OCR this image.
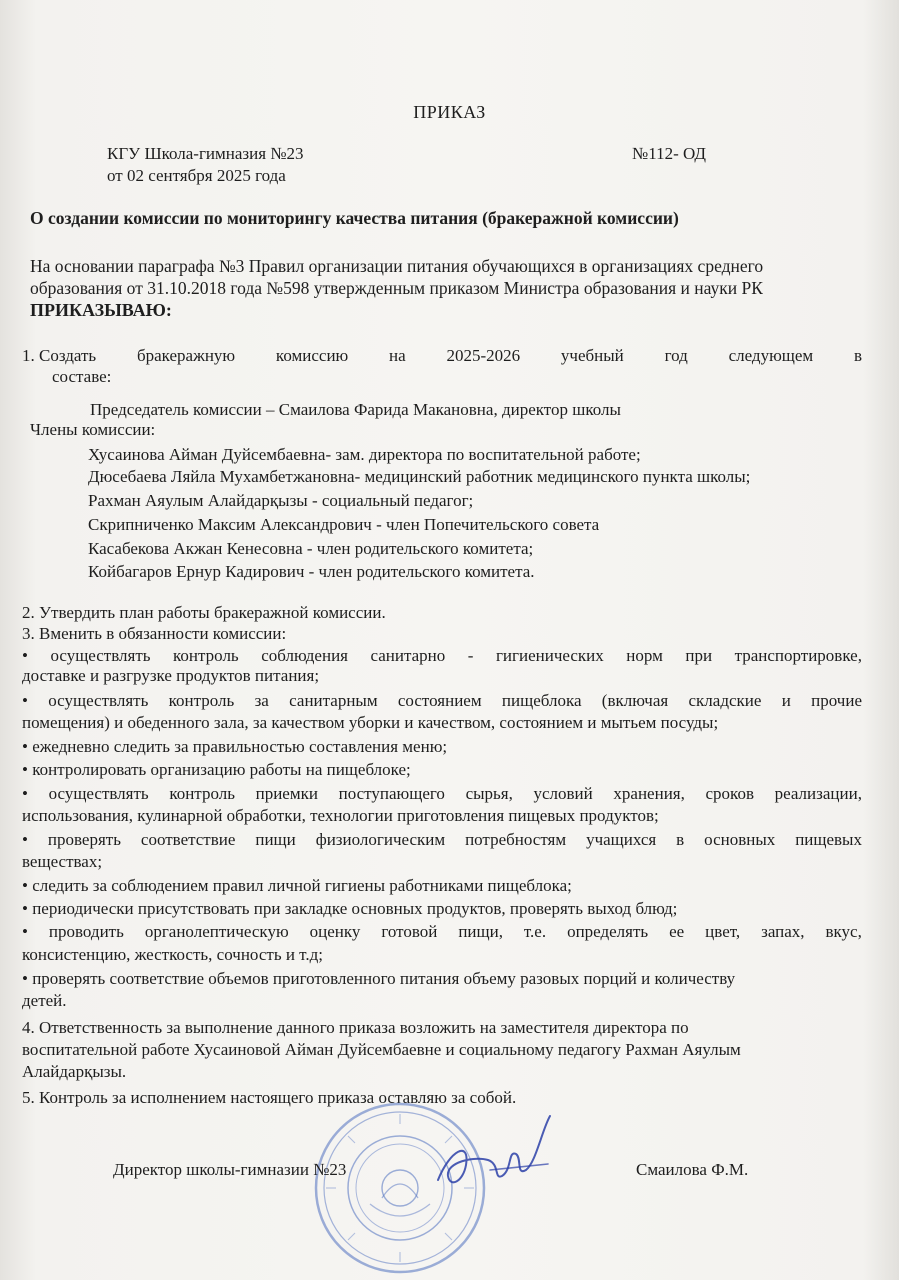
ПРИКАЗ
КГУ Школа-гимназия №23
от 02 сентября 2025 года
№112- ОД
О создании комиссии по мониторингу качества питания (бракеражной комиссии)
На основании параграфа №3 Правил организации питания обучающихся в организациях среднего
образования от 31.10.2018 года №598 утвержденным приказом Министра образования и науки РК
ПРИКАЗЫВАЮ:
1. Создать бракеражную комиссию на 2025-2026 учебный год следующем в
составе:
Председатель комиссии – Смаилова Фарида Макановна, директор школы
Члены комиссии:
Хусаинова Айман Дуйсембаевна- зам. директора по воспитательной работе;
Дюсебаева Ляйла Мухамбетжановна- медицинский работник медицинского пункта школы;
Рахман Аяулым Алайдарқызы - социальный педагог;
Скрипниченко Максим Александрович - член Попечительского совета
Касабекова Акжан Кенесовна - член родительского комитета;
Койбагаров Ернур Кадирович - член родительского комитета.
2. Утвердить план работы бракеражной комиссии.
3. Вменить в обязанности комиссии:
• осуществлять контроль соблюдения санитарно - гигиенических норм при транспортировке,
доставке и разгрузке продуктов питания;
• осуществлять контроль за санитарным состоянием пищеблока (включая складские и прочие
помещения) и обеденного зала, за качеством уборки и качеством, состоянием и мытьем посуды;
• ежедневно следить за правильностью составления меню;
• контролировать организацию работы на пищеблоке;
• осуществлять контроль приемки поступающего сырья, условий хранения, сроков реализации,
использования, кулинарной обработки, технологии приготовления пищевых продуктов;
• проверять соответствие пищи физиологическим потребностям учащихся в основных пищевых
веществах;
• следить за соблюдением правил личной гигиены работниками пищеблока;
• периодически присутствовать при закладке основных продуктов, проверять выход блюд;
• проводить органолептическую оценку готовой пищи, т.е. определять ее цвет, запах, вкус,
консистенцию, жесткость, сочность и т.д;
• проверять соответствие объемов приготовленного питания объему разовых порций и количеству
детей.
4. Ответственность за выполнение данного приказа возложить на заместителя директора по
воспитательной работе Хусаиновой Айман Дуйсембаевне и социальному педагогу Рахман Аяулым
Алайдарқызы.
5. Контроль за исполнением настоящего приказа оставляю за собой.
Директор школы-гимназии №23	Смаилова Ф.М.
